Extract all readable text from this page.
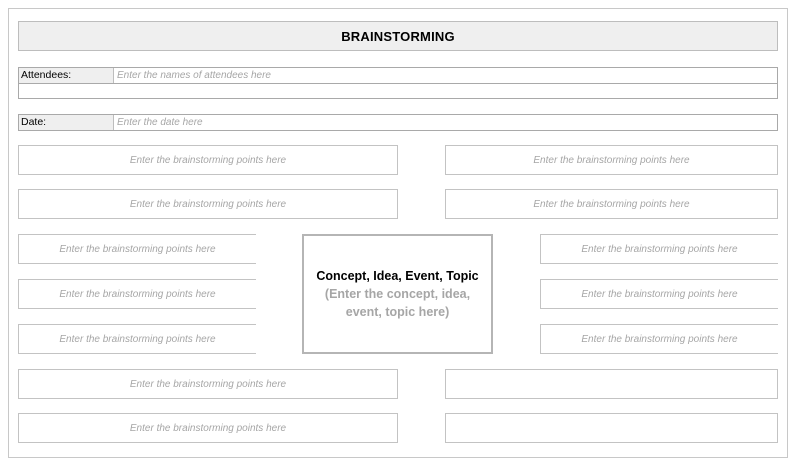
BRAINSTORMING
Attendees:	Enter the names of attendees here
Date:	Enter the date here
Enter the brainstorming points here	Enter the brainstorming points here
Enter the brainstorming points here	Enter the brainstorming points here
Enter the brainstorming points here	Enter the brainstorming points here
Enter the brainstorming points here	Enter the brainstorming points here
Enter the brainstorming points here	Enter the brainstorming points here
Concept, Idea, Event, Topic
(Enter the concept, idea, event, topic here)
Enter the brainstorming points here
Enter the brainstorming points here
